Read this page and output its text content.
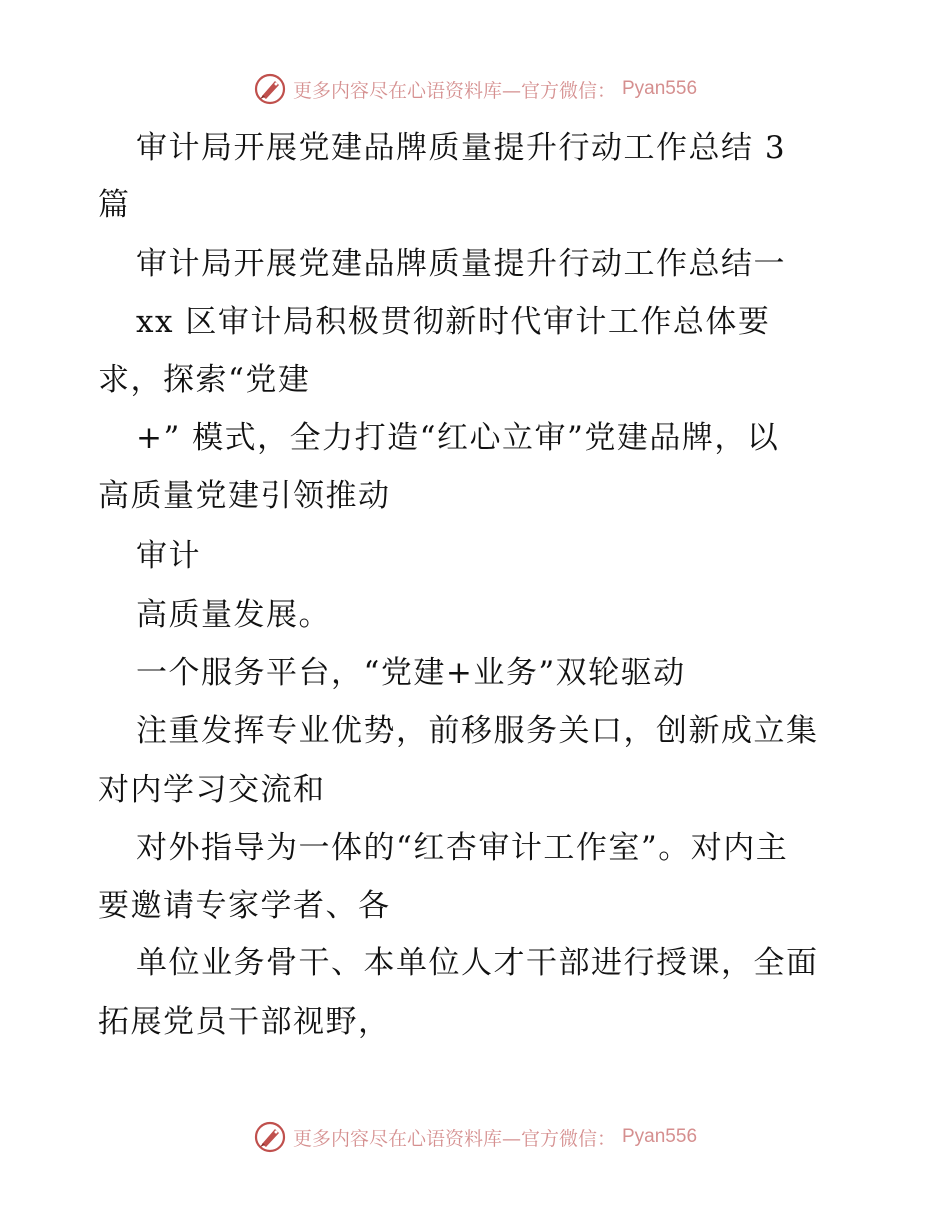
更多内容尽在心语资料库—官方微信： Pyan556
审计局开展党建品牌质量提升行动工作总结 3
篇
审计局开展党建品牌质量提升行动工作总结一
xx 区审计局积极贯彻新时代审计工作总体要
求，探索“党建
+” 模式，全力打造“红心立审”党建品牌，以
高质量党建引领推动
审计
高质量发展。
一个服务平台，“党建+业务”双轮驱动
注重发挥专业优势，前移服务关口，创新成立集
对内学习交流和
对外指导为一体的“红杏审计工作室”。对内主
要邀请专家学者、各
单位业务骨干、本单位人才干部进行授课，全面
拓展党员干部视野，
更多内容尽在心语资料库—官方微信： Pyan556
